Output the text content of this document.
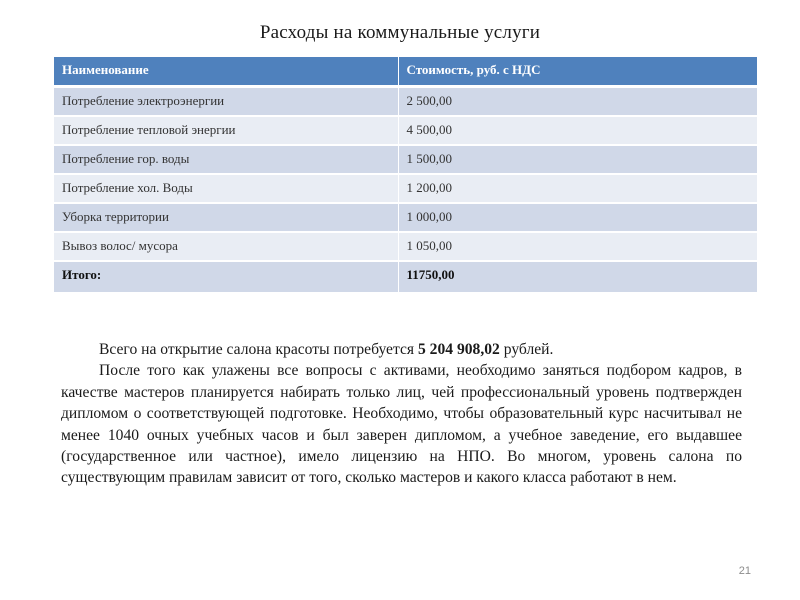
Расходы на коммунальные услуги
Наименование	Стоимость, руб. с НДС
Потребление электроэнергии	2 500,00
Потребление тепловой энергии	4 500,00
Потребление гор. воды	1 500,00
Потребление хол. Воды	1 200,00
Уборка территории	1 000,00
Вывоз волос/ мусора	1 050,00
Итого:	11750,00

Всего на открытие салона красоты потребуется 5 204 908,02 рублей.

После того как улажены все вопросы с активами, необходимо заняться подбором кадров, в качестве мастеров планируется набирать только лиц, чей профессиональный уровень подтвержден дипломом о соответствующей подготовке. Необходимо, чтобы образовательный курс насчитывал не менее 1040 очных учебных часов и был заверен дипломом, а учебное заведение, его выдавшее (государственное или частное), имело лицензию на НПО. Во многом, уровень салона по существующим правилам зависит от того, сколько мастеров и какого класса работают в нем.

21
